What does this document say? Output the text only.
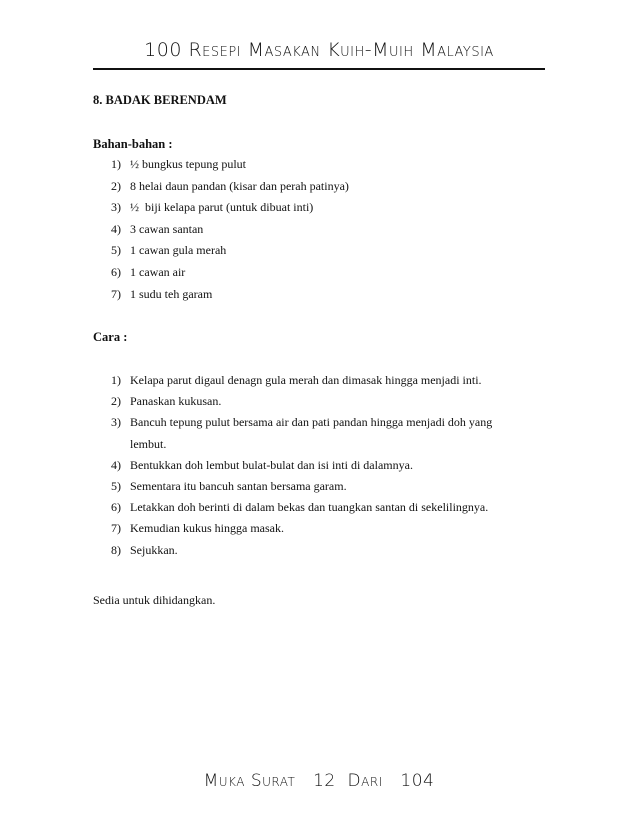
100 Resepi Masakan Kuih-Muih Malaysia
8. BADAK BERENDAM
Bahan-bahan :
1) ½ bungkus tepung pulut
2) 8 helai daun pandan (kisar dan perah patinya)
3) ½  biji kelapa parut (untuk dibuat inti)
4) 3 cawan santan
5) 1 cawan gula merah
6) 1 cawan air
7) 1 sudu teh garam
Cara :
1) Kelapa parut digaul denagn gula merah dan dimasak hingga menjadi inti.
2) Panaskan kukusan.
3) Bancuh tepung pulut bersama air dan pati pandan hingga menjadi doh yang lembut.
4) Bentukkan doh lembut bulat-bulat dan isi inti di dalamnya.
5) Sementara itu bancuh santan bersama garam.
6) Letakkan doh berinti di dalam bekas dan tuangkan santan di sekelilingnya.
7) Kemudian kukus hingga masak.
8) Sejukkan.

Sedia untuk dihidangkan.

Muka Surat   12  Dari   104
